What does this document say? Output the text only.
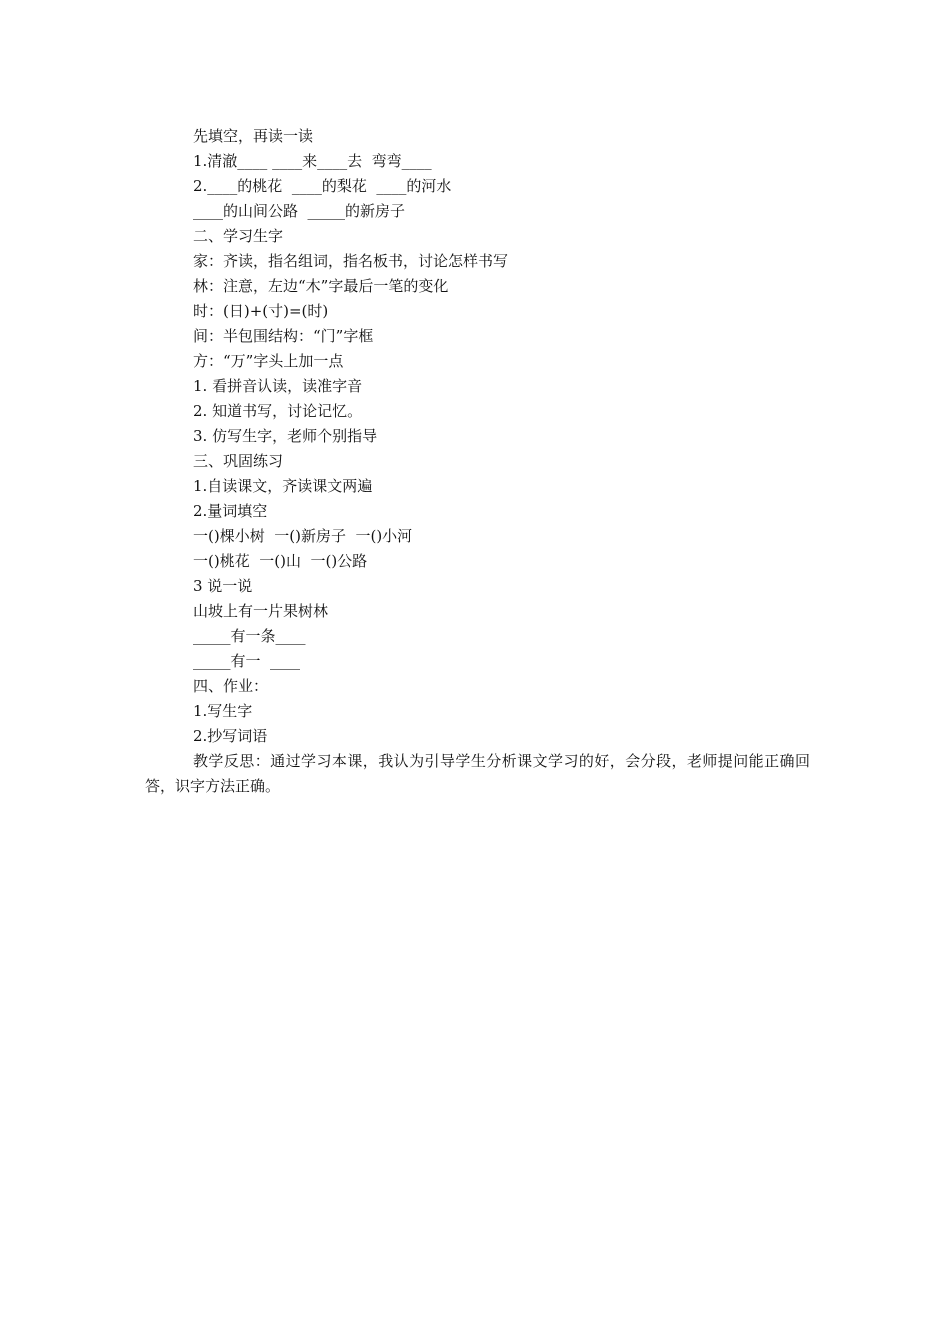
先填空，再读一读
1.清澈____ ____来____去  弯弯____
2.____的桃花  ____的梨花  ____的河水
____的山间公路  _____的新房子
二、学习生字
家：齐读，指名组词，指名板书，讨论怎样书写
林：注意，左边“木”字最后一笔的变化
时：(日)+(寸)=(时)
间：半包围结构：“门”字框
方：“万”字头上加一点
1. 看拼音认读，读准字音
2. 知道书写，讨论记忆。
3. 仿写生字，老师个别指导
三、巩固练习
1.自读课文，齐读课文两遍
2.量词填空
一()棵小树  一()新房子  一()小河
一()桃花  一()山  一()公路
3 说一说
山坡上有一片果树林
_____有一条____
_____有一  ____
四、作业：
1.写生字
2.抄写词语
教学反思：通过学习本课，我认为引导学生分析课文学习的好，会分段，老师提问能正确回答，识字方法正确。
